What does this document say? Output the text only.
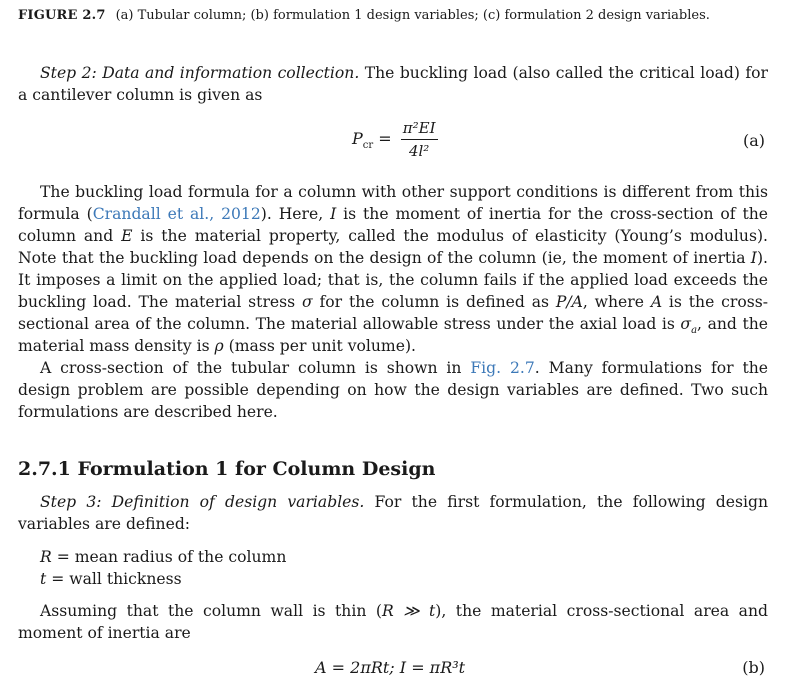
FIGURE 2.7 (a) Tubular column; (b) formulation 1 design variables; (c) formulation 2 design variables.
Step 2: Data and information collection. The buckling load (also called the critical load) for a cantilever column is given as
$P_{cr} = \frac{\text{π²EI}}{\text{4l²}}$	(a)
The buckling load formula for a column with other support conditions is different from this formula (Crandall et al., 2012). Here, I is the moment of inertia for the cross-section of the column and E is the material property, called the modulus of elasticity (Young’s modulus). Note that the buckling load depends on the design of the column (ie, the moment of inertia I). It imposes a limit on the applied load; that is, the column fails if the applied load exceeds the buckling load. The material stress σ for the column is defined as P/A, where A is the cross-sectional area of the column. The material allowable stress under the axial load is $\sigma_a$, and the material mass density is ρ (mass per unit volume).
A cross-section of the tubular column is shown in Fig. 2.7. Many formulations for the design problem are possible depending on how the design variables are defined. Two such formulations are described here.
2.7.1 Formulation 1 for Column Design
Step 3: Definition of design variables. For the first formulation, the following design variables are defined:
R = mean radius of the column
t = wall thickness
Assuming that the column wall is thin (R ≫ t), the material cross-sectional area and moment of inertia are
A = 2πRt; I = πR³t	(b)
